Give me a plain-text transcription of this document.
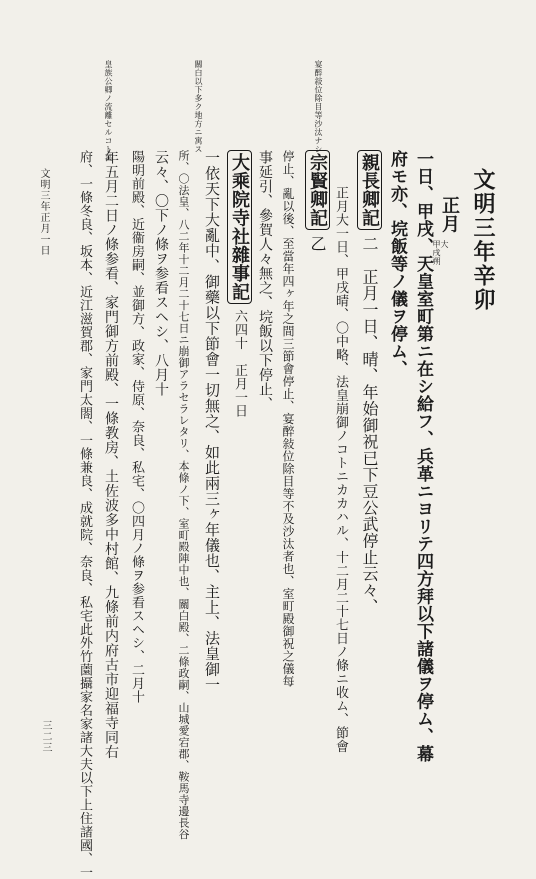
宴醉敍位除目等沙汰ナシ
關白以下多ク地方ニ寓ス
皇族公卿ノ流離セルコト甚
文明三年辛卯
正月
大
甲戌朔
一日、甲戌、天皇室町第ニ在シ給フ、兵革ニヨリテ四方拜以下諸儀ヲ停ム、幕
府モ亦、垸飯等ノ儀ヲ停ム、
親長卿記 二　正月一日、晴、年始御祝已下豆公武停止云々、
正月大一日、甲戌晴、〇中略、法皇崩御ノコトニカカハル、十二月二十七日ノ條ニ收ム、節會
宗賢卿記 乙
停止、亂以後、至當年四ヶ年之間三節會停止、宴醉敍位除目等不及沙汰者也、室町殿御祝之儀每
事延引、參賀人々無之、垸飯以下停止、
大乘院寺社雜事記 六四十　正月一日
一依天下大亂中、御藥以下節會一切無之、如此兩三ヶ年儀也、主上、法皇御一
所、〇法皇、八二年十二月二十七日ニ崩御アラセラレタリ、本條ノ下、室町殿陣中也、關白殿、二條政嗣、山城愛宕郡、鞍馬寺邊長谷
云々、〇下ノ條ヲ参看スヘシ、八月十
陽明前殿、近衞房嗣、並御方、政家、侍原、奈良、私宅、〇四月ノ條ヲ参看スヘシ、二月十
年五月二日ノ條参看、家門御方前殿、一條教房、土佐波多中村館、九條前内府古市迎福寺同右
府、一條冬良、坂本、近江滋賀郡、家門太閤、一條兼良、成就院、奈良、私宅此外竹薗攝家名家諸大夫以下上住諸國、一
文明三年正月一日
三二三
